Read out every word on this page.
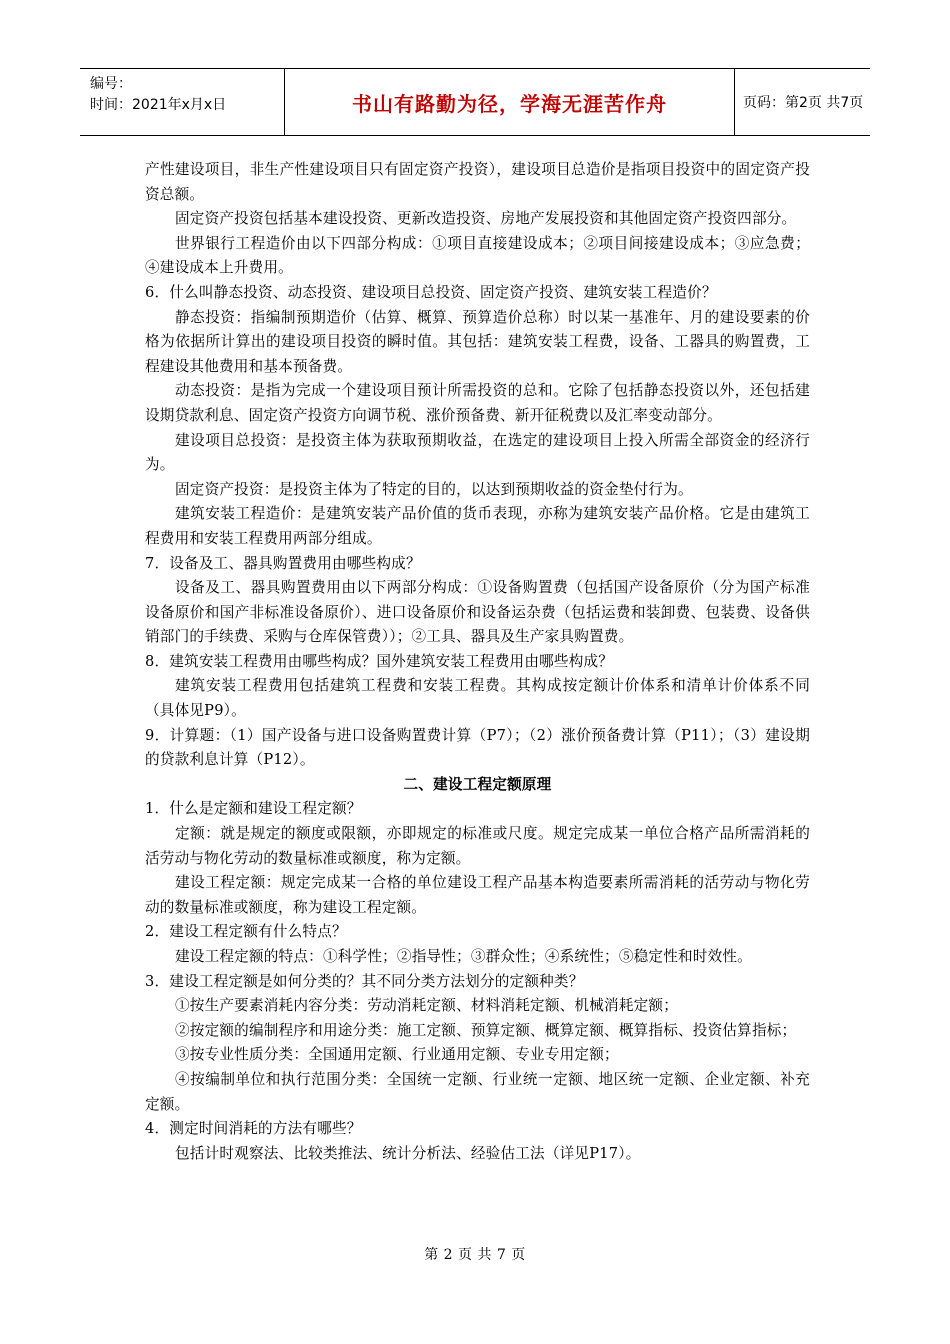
编号：
时间：2021年x月x日	书山有路勤为径，学海无涯苦作舟	页码：第2页 共7页

产性建设项目，非生产性建设项目只有固定资产投资），建设项目总造价是指项目投资中的固定资产投资总额。

固定资产投资包括基本建设投资、更新改造投资、房地产发展投资和其他固定资产投资四部分。

世界银行工程造价由以下四部分构成：①项目直接建设成本；②项目间接建设成本；③应急费；④建设成本上升费用。

6．什么叫静态投资、动态投资、建设项目总投资、固定资产投资、建筑安装工程造价？

静态投资：指编制预期造价（估算、概算、预算造价总称）时以某一基准年、月的建设要素的价格为依据所计算出的建设项目投资的瞬时值。其包括：建筑安装工程费，设备、工器具的购置费，工程建设其他费用和基本预备费。

动态投资：是指为完成一个建设项目预计所需投资的总和。它除了包括静态投资以外，还包括建设期贷款利息、固定资产投资方向调节税、涨价预备费、新开征税费以及汇率变动部分。

建设项目总投资：是投资主体为获取预期收益，在选定的建设项目上投入所需全部资金的经济行为。

固定资产投资：是投资主体为了特定的目的，以达到预期收益的资金垫付行为。

建筑安装工程造价：是建筑安装产品价值的货币表现，亦称为建筑安装产品价格。它是由建筑工程费用和安装工程费用两部分组成。

7．设备及工、器具购置费用由哪些构成？

设备及工、器具购置费用由以下两部分构成：①设备购置费（包括国产设备原价（分为国产标准设备原价和国产非标准设备原价）、进口设备原价和设备运杂费（包括运费和装卸费、包装费、设备供销部门的手续费、采购与仓库保管费））；②工具、器具及生产家具购置费。

8．建筑安装工程费用由哪些构成？国外建筑安装工程费用由哪些构成？

建筑安装工程费用包括建筑工程费和安装工程费。其构成按定额计价体系和清单计价体系不同（具体见P9）。

9．计算题：（1）国产设备与进口设备购置费计算（P7）；（2）涨价预备费计算（P11）；（3）建设期的贷款利息计算（P12）。

二、建设工程定额原理

1．什么是定额和建设工程定额？

定额：就是规定的额度或限额，亦即规定的标准或尺度。规定完成某一单位合格产品所需消耗的活劳动与物化劳动的数量标准或额度，称为定额。

建设工程定额：规定完成某一合格的单位建设工程产品基本构造要素所需消耗的活劳动与物化劳动的数量标准或额度，称为建设工程定额。

2．建设工程定额有什么特点？

建设工程定额的特点：①科学性；②指导性；③群众性；④系统性；⑤稳定性和时效性。

3．建设工程定额是如何分类的？其不同分类方法划分的定额种类？

①按生产要素消耗内容分类：劳动消耗定额、材料消耗定额、机械消耗定额；

②按定额的编制程序和用途分类：施工定额、预算定额、概算定额、概算指标、投资估算指标；

③按专业性质分类：全国通用定额、行业通用定额、专业专用定额；

④按编制单位和执行范围分类：全国统一定额、行业统一定额、地区统一定额、企业定额、补充定额。

4．测定时间消耗的方法有哪些？

包括计时观察法、比较类推法、统计分析法、经验估工法（详见P17）。

第 2 页 共 7 页
